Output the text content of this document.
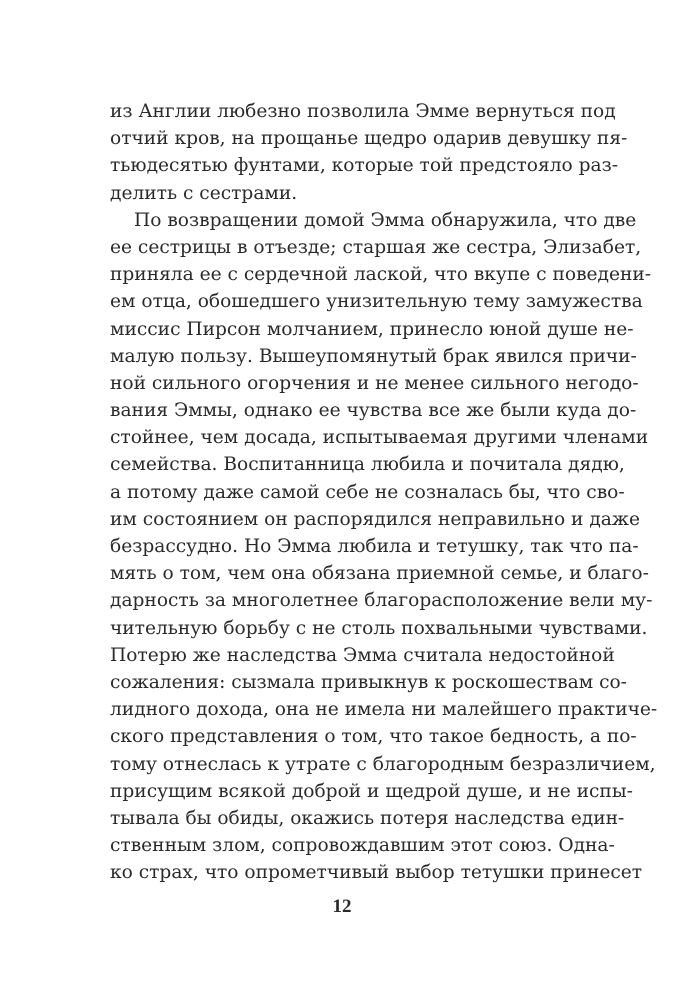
из Англии любезно позволила Эмме вернуться под
отчий кров, на прощанье щедро одарив девушку пя-
тьюдесятью фунтами, которые той предстояло раз-
делить с сестрами.
По возвращении домой Эмма обнаружила, что две
ее сестрицы в отъезде; старшая же сестра, Элизабет,
приняла ее с сердечной лаской, что вкупе с поведени-
ем отца, обошедшего унизительную тему замужества
миссис Пирсон молчанием, принесло юной душе не-
малую пользу. Вышеупомянутый брак явился причи-
ной сильного огорчения и не менее сильного негодо-
вания Эммы, однако ее чувства все же были куда до-
стойнее, чем досада, испытываемая другими членами
семейства. Воспитанница любила и почитала дядю,
а потому даже самой себе не созналась бы, что сво-
им состоянием он распорядился неправильно и даже
безрассудно. Но Эмма любила и тетушку, так что па-
мять о том, чем она обязана приемной семье, и благо-
дарность за многолетнее благорасположение вели му-
чительную борьбу с не столь похвальными чувствами.
Потерю же наследства Эмма считала недостойной
сожаления: сызмала привыкнув к роскошествам со-
лидного дохода, она не имела ни малейшего практиче-
ского представления о том, что такое бедность, а по-
тому отнеслась к утрате с благородным безразличием,
присущим всякой доброй и щедрой душе, и не испы-
тывала бы обиды, окажись потеря наследства един-
ственным злом, сопровождавшим этот союз. Одна-
ко страх, что опрометчивый выбор тетушки принесет
12
